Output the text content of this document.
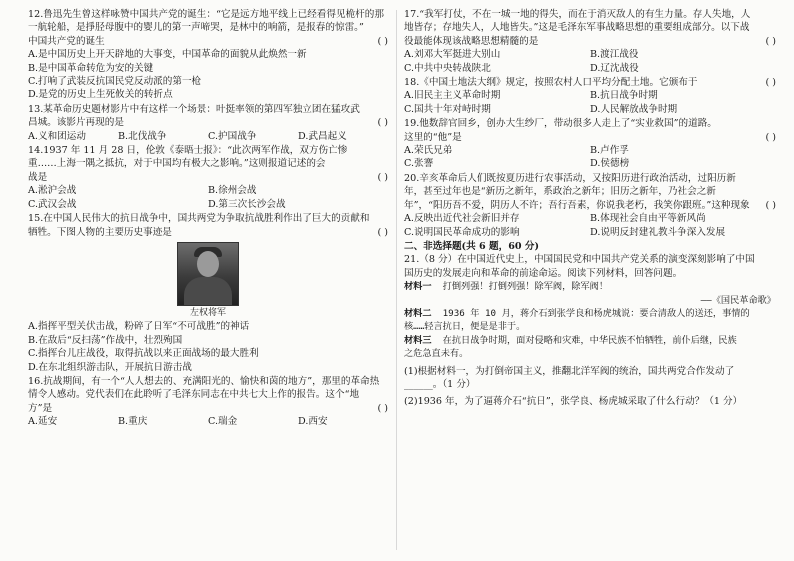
12.鲁迅先生曾这样咏赞中国共产党的诞生：“它是远方地平线上已经看得见桅杆的那一航轮船，是掙胫母腹中的婴儿的第一声啼哭，是林中的响箭，是报春的惊雷。”

中国共产党的诞生	( )

A.是中国历史上开天辟地的大事变，中国革命的面貌从此焕然一新

B.是中国革命转危为安的关键

C.打响了武装反抗国民党反动派的第一枪

D.是党的历史上生死攸关的转折点

13.某革命历史题材影片中有这样一个场景：叶挺率领的第四军独立团在猛攻武

昌城。该影片再现的是	( )

A.义和团运动	B.北伐战争	C.护国战争	D.武昌起义

14.1937 年 11 月 28 日，伦敦《泰晤士报》：“此次两军作战，双方伤亡惨

重……上海一隅之抵抗，对于中国均有极大之影响。”这则报道记述的会

战是	( )

A.淞沪会战	B.徐州会战
C.武汉会战	D.第三次长沙会战

15.在中国人民伟大的抗日战争中，国共两党为争取抗战胜利作出了巨大的贡献和

牺牲。下图人物的主要历史事迹是	( )

左权将军

A.指挥平型关伏击战，粉碎了日军“不可战胜”的神话

B.在敌后“反扫荡”作战中，壮烈殉国

C.指挥台儿庄战役，取得抗战以来正面战场的最大胜利

D.在东北组织游击队，开展抗日游击战

16.抗战期间，有一个“人人想去的、充满阳光的、愉快和茵的地方”，那里的革命热

情令人感动。党代表们在此聆听了毛泽东同志在中共七大上作的报告。这个“地

方”是	( )

A.延安	B.重庆	C.瑞金	D.西安

17.“我军打仗，不在一城一地的得失，而在于消灭敌人的有生力量。存人失地，人

地皆存；存地失人，人地皆失。”这是毛泽东军事战略思想的重要组成部分。以下战

役最能体现该战略思想精髓的是	( )

A.刘邓大军挺进大别山	B.渡江战役
C.中共中央转战陕北	D.辽沈战役

18.《中国土地法大纲》规定，按照农村人口平均分配土地。它颁布于	( )

A.旧民主主义革命时期	B.抗日战争时期
C.国共十年对峙时期	D.人民解放战争时期

19.他数辞官回乡，创办大生纱厂，带动很多人走上了“实业救国”的道路。

这里的“他”是	( )

A.荣氏兄弟	B.卢作孚
C.张謇	D.侯德榜

20.辛亥革命后人们既按夏历进行农事活动，又按阳历进行政治活动，过阳历新

年，甚至过年也是“新历之新年，系政治之新年；旧历之新年，乃社会之新

年”，“阳历吾不爱，阴历人不许；吾行吾素，你说我老朽，我笑你跟班。”这种现象 ( )

A.反映出近代社会新旧并存	B.体现社会自由平等新风尚
C.说明国民革命成功的影响	D.说明反封建礼教斗争深入发展

二、非选择题(共 6 题，60 分)

21.（8 分）在中国近代史上，中国国民党和中国共产党关系的演变深刻影响了中国

国历史的发展走向和革命的前途命运。阅读下列材料，回答问题。

材料一 打倒列强！打倒列强！除军阀，除军阀！

——《国民革命歌》

材料二 1936 年 10 月，蒋介石到张学良和杨虎城说：要合清敌人的送还，事情的

核……轻言抗日，便是是非于。

材料三 在抗日战争时期，面对侵略和灾难，中华民族不怕牺牲，前仆后继，民族

之危急直未有。

(1)根据材料一，为打倒帝国主义，推翻北洋军阀的统治，国共两党合作发动了

______。（1 分）

(2)1936 年，为了逼蒋介石“抗日”，张学良、杨虎城采取了什么行动？（1 分）
